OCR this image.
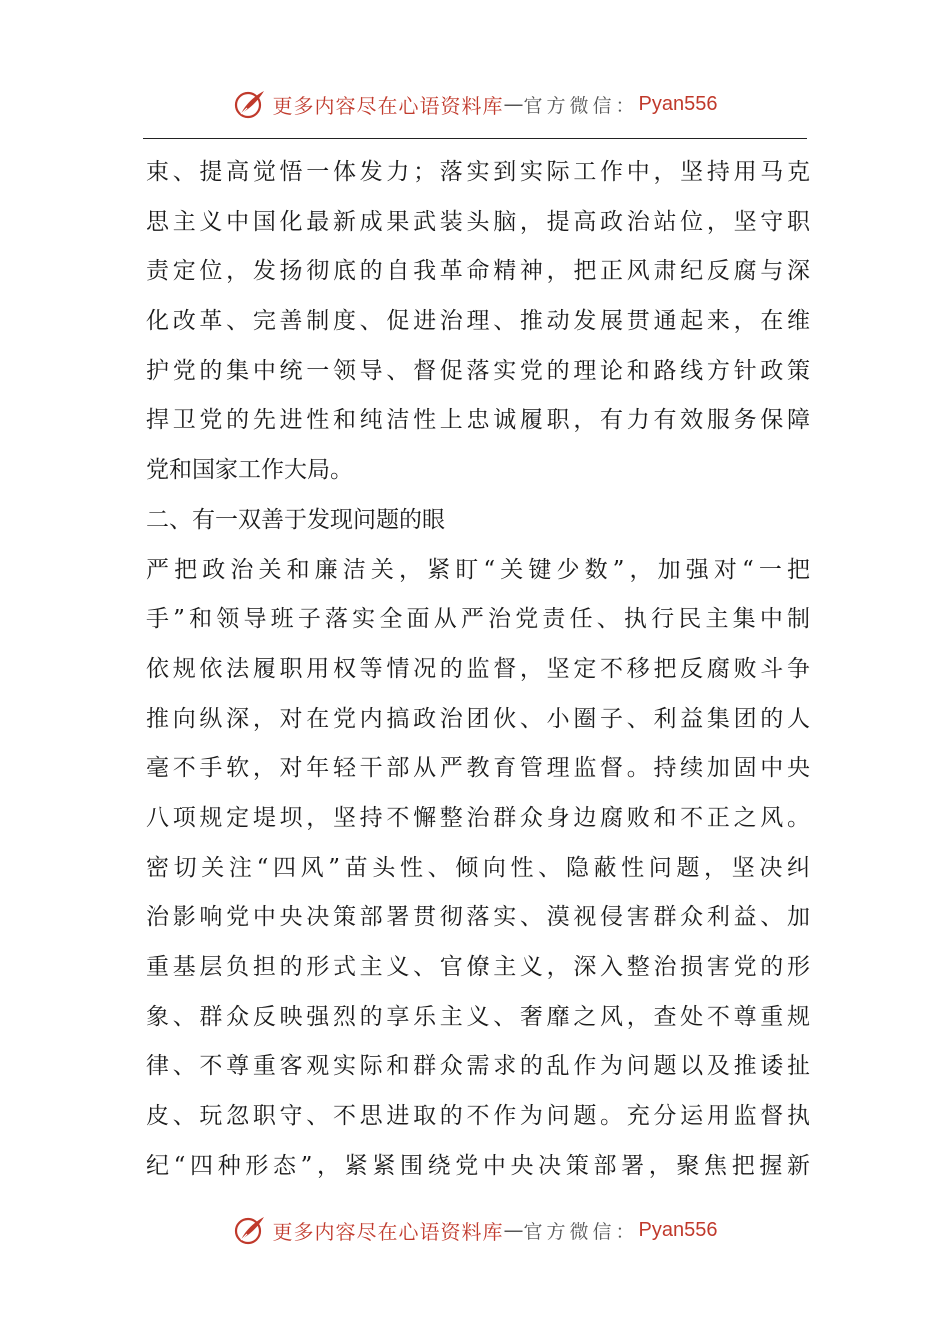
更多内容尽在心语资料库 — 官方微信： Pyan556
束、提高觉悟一体发力；落实到实际工作中，坚持用马克
思主义中国化最新成果武装头脑，提高政治站位，坚守职
责定位，发扬彻底的自我革命精神，把正风肃纪反腐与深
化改革、完善制度、促进治理、推动发展贯通起来，在维
护党的集中统一领导、督促落实党的理论和路线方针政策
捍卫党的先进性和纯洁性上忠诚履职，有力有效服务保障
党和国家工作大局。
二、有一双善于发现问题的眼
严把政治关和廉洁关，紧盯“关键少数”，加强对“一把
手”和领导班子落实全面从严治党责任、执行民主集中制
依规依法履职用权等情况的监督，坚定不移把反腐败斗争
推向纵深，对在党内搞政治团伙、小圈子、利益集团的人
毫不手软，对年轻干部从严教育管理监督。持续加固中央
八项规定堤坝，坚持不懈整治群众身边腐败和不正之风。
密切关注“四风”苗头性、倾向性、隐蔽性问题，坚决纠
治影响党中央决策部署贯彻落实、漠视侵害群众利益、加
重基层负担的形式主义、官僚主义，深入整治损害党的形
象、群众反映强烈的享乐主义、奢靡之风，查处不尊重规
律、不尊重客观实际和群众需求的乱作为问题以及推诿扯
皮、玩忽职守、不思进取的不作为问题。充分运用监督执
纪“四种形态”，紧紧围绕党中央决策部署，聚焦把握新
更多内容尽在心语资料库 — 官方微信： Pyan556
